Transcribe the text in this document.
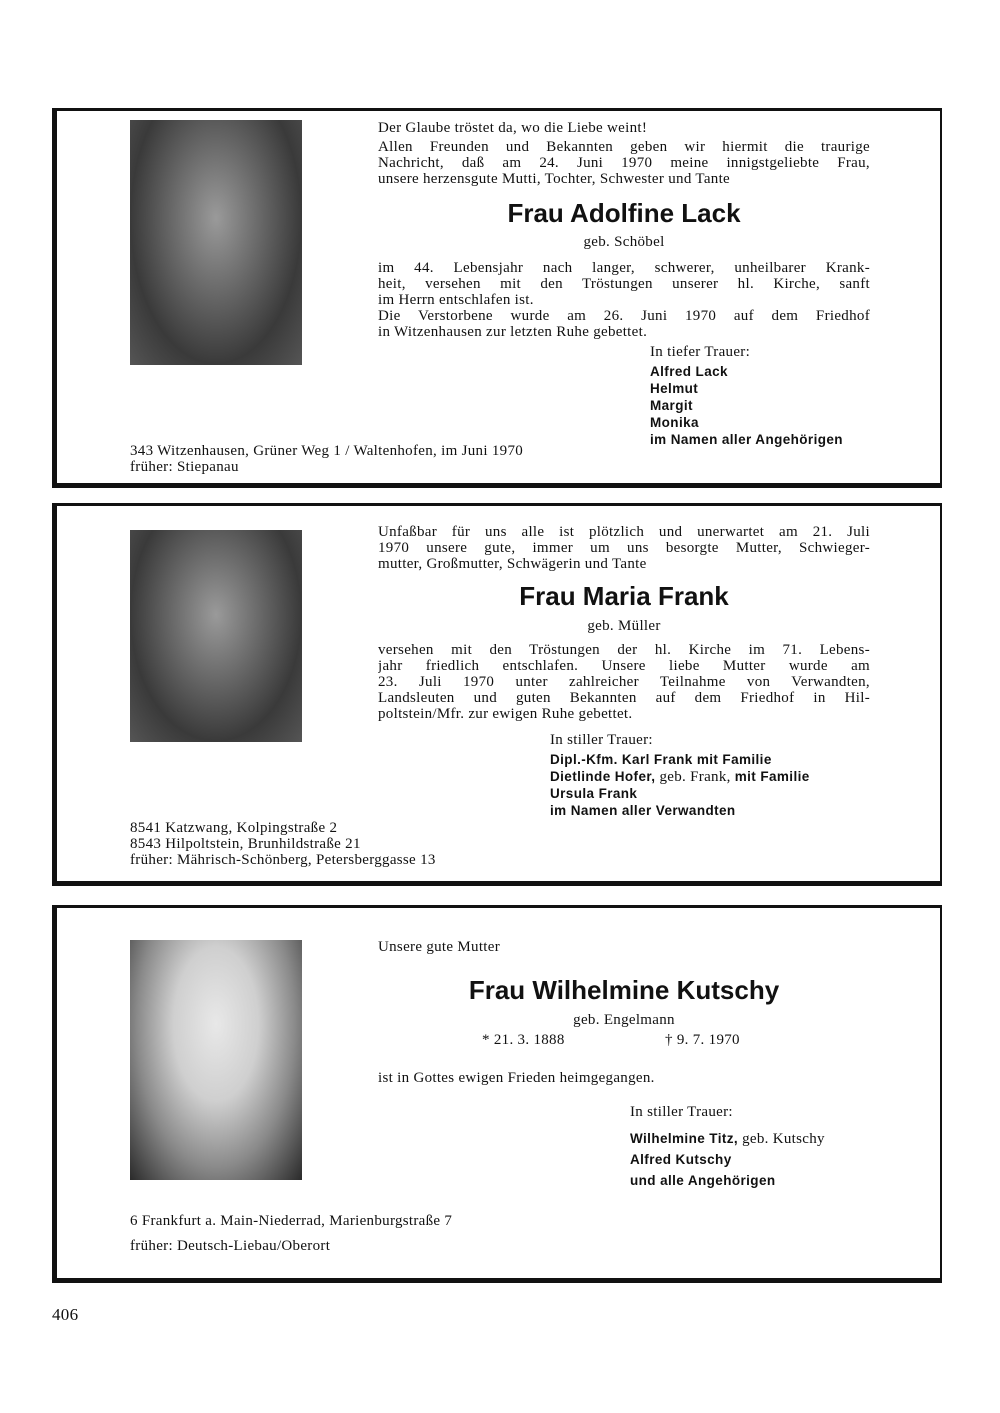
Der Glaube tröstet da, wo die Liebe weint!
Allen Freunden und Bekannten geben wir hiermit die traurige
Nachricht, daß am 24. Juni 1970 meine innigstgeliebte Frau,
unsere herzensgute Mutti, Tochter, Schwester und Tante
Frau Adolfine Lack
geb. Schöbel
im 44. Lebensjahr nach langer, schwerer, unheilbarer Krank-
heit, versehen mit den Tröstungen unserer hl. Kirche, sanft
im Herrn entschlafen ist.
Die Verstorbene wurde am 26. Juni 1970 auf dem Friedhof
in Witzenhausen zur letzten Ruhe gebettet.
In tiefer Trauer:
Alfred Lack
Helmut
Margit
Monika
im Namen aller Angehörigen
343 Witzenhausen, Grüner Weg 1 / Waltenhofen, im Juni 1970
früher: Stiepanau
Unfaßbar für uns alle ist plötzlich und unerwartet am 21. Juli
1970 unsere gute, immer um uns besorgte Mutter, Schwieger-
mutter, Großmutter, Schwägerin und Tante
Frau Maria Frank
geb. Müller
versehen mit den Tröstungen der hl. Kirche im 71. Lebens-
jahr friedlich entschlafen. Unsere liebe Mutter wurde am
23. Juli 1970 unter zahlreicher Teilnahme von Verwandten,
Landsleuten und guten Bekannten auf dem Friedhof in Hil-
poltstein/Mfr. zur ewigen Ruhe gebettet.
In stiller Trauer:
Dipl.-Kfm. Karl Frank mit Familie
Dietlinde Hofer, geb. Frank, mit Familie
Ursula Frank
im Namen aller Verwandten
8541 Katzwang, Kolpingstraße 2
8543 Hilpoltstein, Brunhildstraße 21
früher: Mährisch-Schönberg, Petersberggasse 13
Unsere gute Mutter
Frau Wilhelmine Kutschy
geb. Engelmann
* 21. 3. 1888	† 9. 7. 1970
ist in Gottes ewigen Frieden heimgegangen.
In stiller Trauer:
Wilhelmine Titz, geb. Kutschy
Alfred Kutschy
und alle Angehörigen
6 Frankfurt a. Main-Niederrad, Marienburgstraße 7
früher: Deutsch-Liebau/Oberort
406
